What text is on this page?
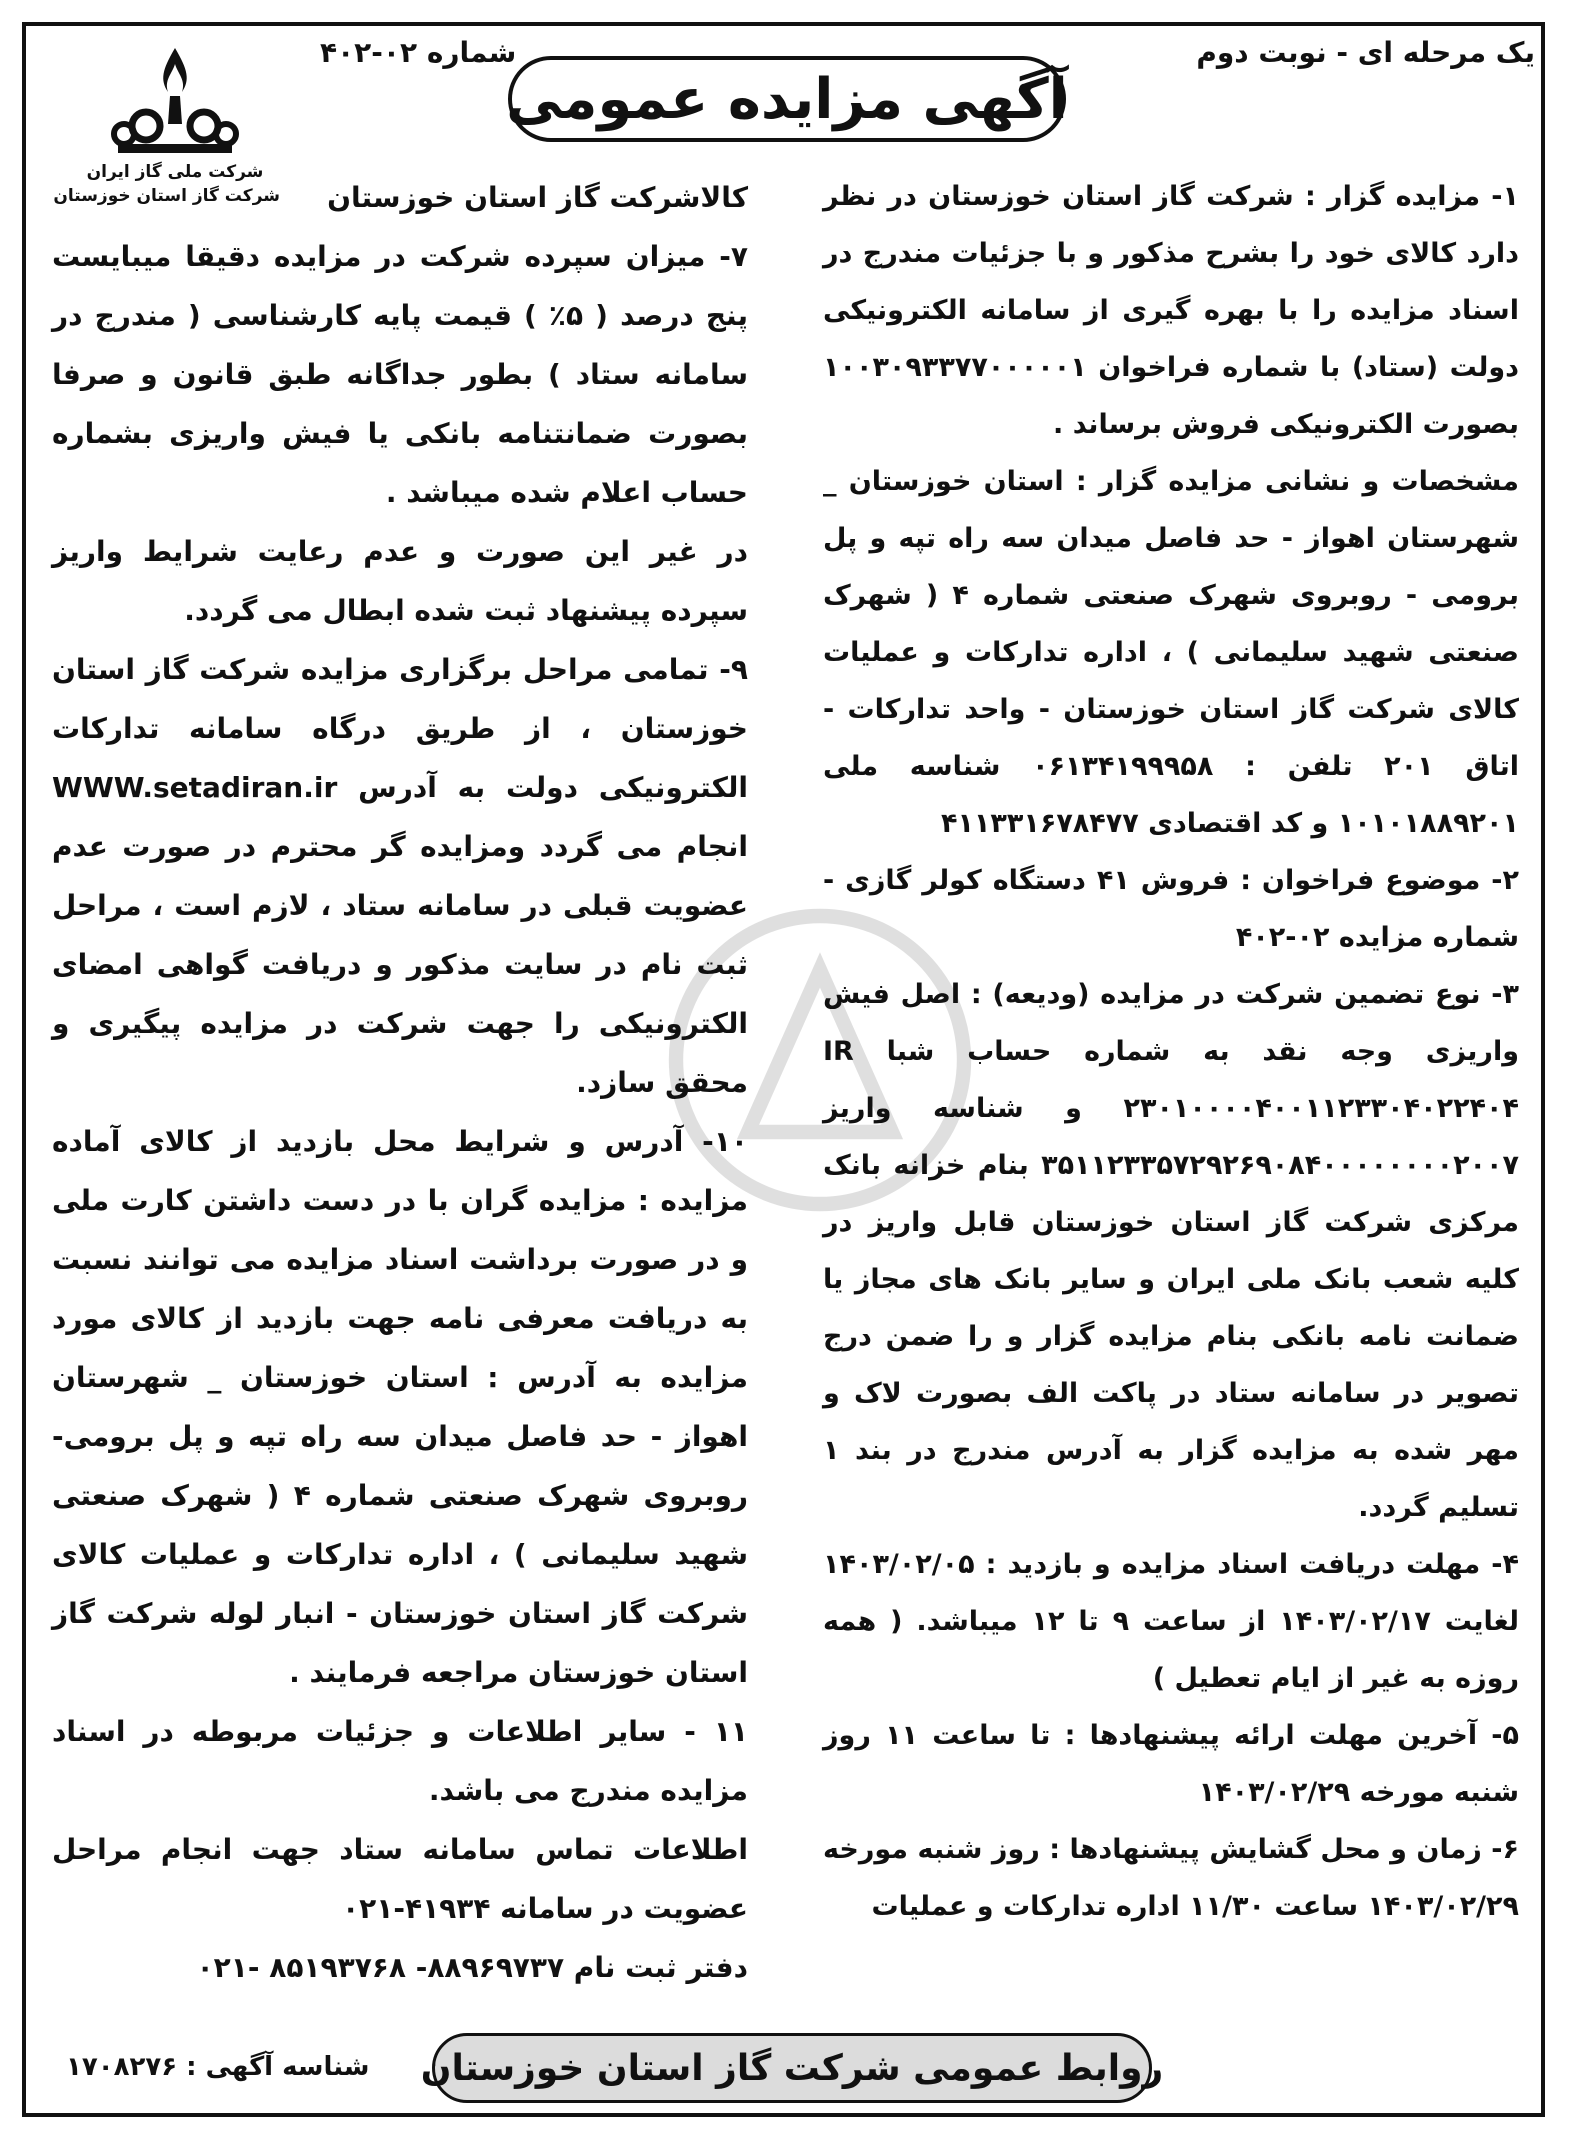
یک مرحله ای - نوبت دوم
شماره ۰۲-۴۰۲
آگهی مزایده عمومی
شرکت ملی گاز ایران
شرکت گاز استان خوزستان	۱- مزایده گزار : شرکت گاز استان خوزستان در نظر دارد کالای خود را بشرح مذکور و با جزئیات مندرج در اسناد مزایده را با بهره گیری از سامانه الکترونیکی دولت (ستاد) با شماره فراخوان ۱۰۰۳۰۹۳۳۷۷۰۰۰۰۰۱ بصورت الکترونیکی فروش برساند .

مشخصات و نشانی مزایده گزار : استان خوزستان _ شهرستان اهواز - حد فاصل میدان سه راه تپه و پل برومی - روبروی شهرک صنعتی شماره ۴ ( شهرک صنعتی شهید سلیمانی ) ، اداره تدارکات و عملیات کالای شرکت گاز استان خوزستان - واحد تدارکات - اتاق ۲۰۱ تلفن : ۰۶۱۳۴۱۹۹۹۵۸ شناسه ملی ۱۰۱۰۱۸۸۹۲۰۱ و کد اقتصادی ۴۱۱۳۳۱۶۷۸۴۷۷

۲- موضوع فراخوان : فروش ۴۱ دستگاه کولر گازی - شماره مزایده ۰۲-۴۰۲

۳- نوع تضمین شرکت در مزایده (ودیعه) : اصل فیش واریزی وجه نقد به شماره حساب شبا IR ۲۳۰۱۰۰۰۰۴۰۰۱۱۲۳۳۰۴۰۲۲۴۰۴ و شناسه واریز ۳۵۱۱۲۳۳۵۷۲۹۲۶۹۰۸۴۰۰۰۰۰۰۰۰۲۰۰۷ بنام خزانه بانک مرکزی شرکت گاز استان خوزستان قابل واریز در کلیه شعب بانک ملی ایران و سایر بانک های مجاز یا ضمانت نامه بانکی بنام مزایده گزار و را ضمن درج تصویر در سامانه ستاد در پاکت الف بصورت لاک و مهر شده به مزایده گزار به آدرس مندرج در بند ۱ تسلیم گردد.

۴- مهلت دریافت اسناد مزایده و بازدید : ۱۴۰۳/۰۲/۰۵ لغایت ۱۴۰۳/۰۲/۱۷ از ساعت ۹ تا ۱۲ میباشد. ( همه روزه به غیر از ایام تعطیل )

۵- آخرین مهلت ارائه پیشنهادها : تا ساعت ۱۱ روز شنبه مورخه ۱۴۰۳/۰۲/۲۹

۶- زمان و محل گشایش پیشنهادها : روز شنبه مورخه ۱۴۰۳/۰۲/۲۹ ساعت ۱۱/۳۰ اداره تدارکات و عملیات

کالاشرکت گاز استان خوزستان

۷- میزان سپرده شرکت در مزایده دقیقا میبایست پنج درصد ( ۵٪ ) قیمت پایه کارشناسی ( مندرج در سامانه ستاد ) بطور جداگانه طبق قانون و صرفا بصورت ضمانتنامه بانکی یا فیش واریزی بشماره حساب اعلام شده میباشد .

در غیر این صورت و عدم رعایت شرایط واریز سپرده پیشنهاد ثبت شده ابطال می گردد.

۹- تمامی مراحل برگزاری مزایده شرکت گاز استان خوزستان ، از طریق درگاه سامانه تدارکات الکترونیکی دولت به آدرس WWW.setadiran.ir انجام می گردد ومزایده گر محترم در صورت عدم عضویت قبلی در سامانه ستاد ، لازم است ، مراحل ثبت نام در سایت مذکور و دریافت گواهی امضای الکترونیکی را جهت شرکت در مزایده پیگیری و محقق سازد.

۱۰- آدرس و شرایط محل بازدید از کالای آماده مزایده : مزایده گران با در دست داشتن کارت ملی و در صورت برداشت اسناد مزایده می توانند نسبت به دریافت معرفی نامه جهت بازدید از کالای مورد مزایده به آدرس : استان خوزستان _ شهرستان اهواز - حد فاصل میدان سه راه تپه و پل برومی- روبروی شهرک صنعتی شماره ۴ ( شهرک صنعتی شهید سلیمانی ) ، اداره تدارکات و عملیات کالای شرکت گاز استان خوزستان - انبار لوله شرکت گاز استان خوزستان مراجعه فرمایند .

۱۱ - سایر اطلاعات و جزئیات مربوطه در اسناد مزایده مندرج می باشد.

اطلاعات تماس سامانه ستاد جهت انجام مراحل عضویت در سامانه ۴۱۹۳۴-۰۲۱

دفتر ثبت نام ۸۸۹۶۹۷۳۷- ۸۵۱۹۳۷۶۸ -۰۲۱

روابط عمومی شرکت گاز استان خوزستان
شناسه آگهی : ۱۷۰۸۲۷۶
